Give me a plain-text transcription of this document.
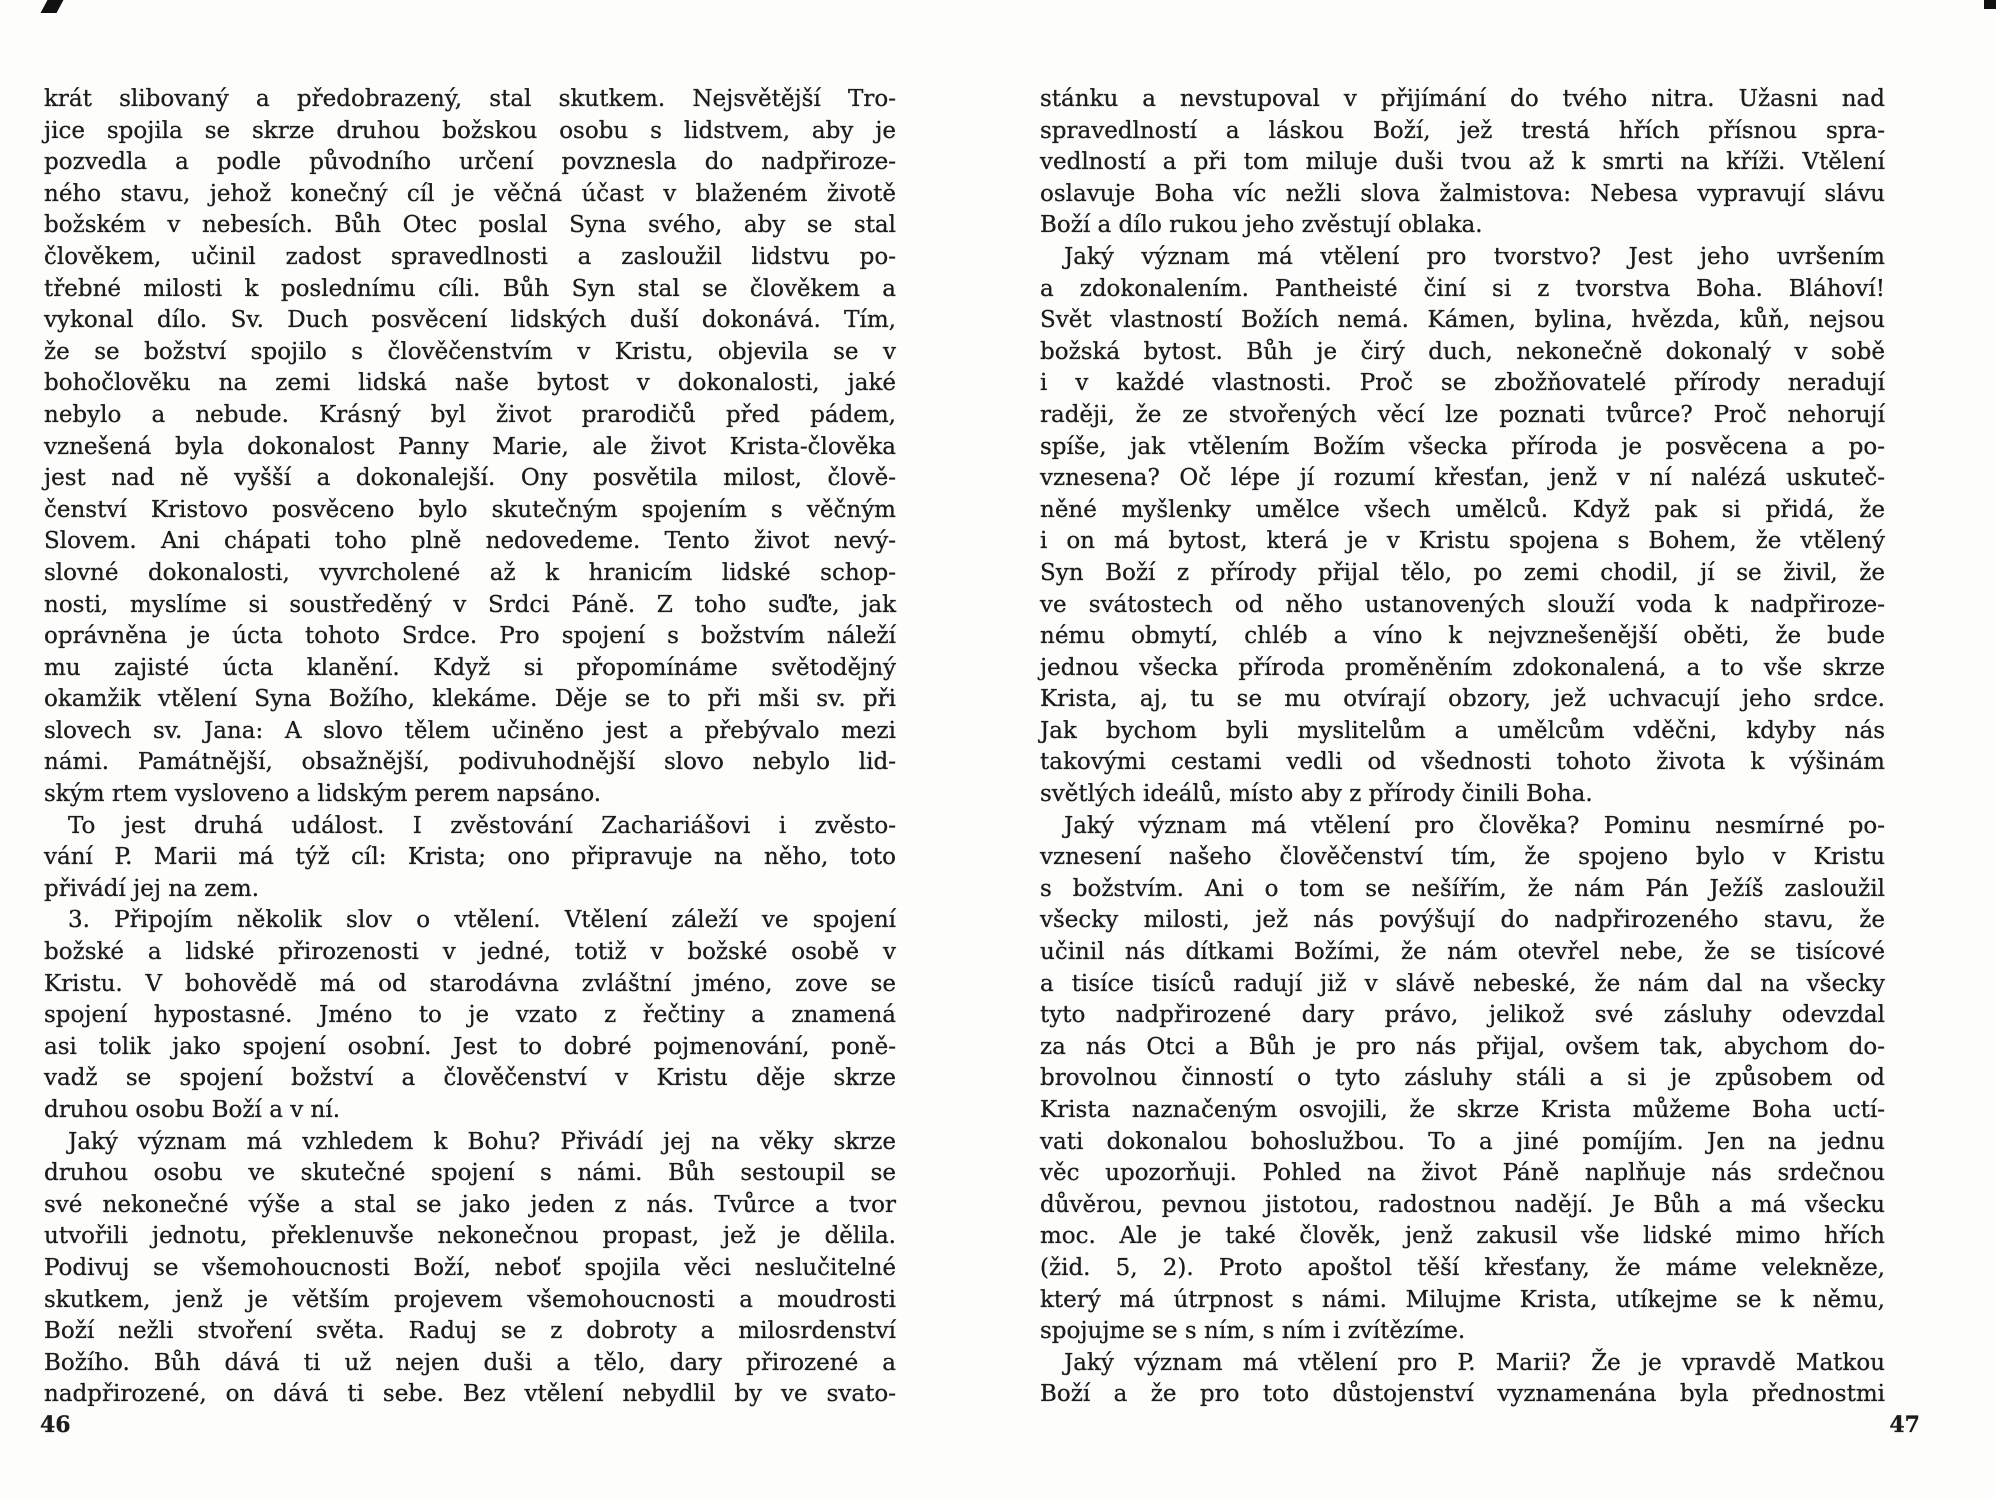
krát slibovaný a předobrazený, stal skutkem. Nejsvětější Tro-
jice spojila se skrze druhou božskou osobu s lidstvem, aby je
pozvedla a podle původního určení povznesla do nadpřiroze-
ného stavu, jehož konečný cíl je věčná účast v blaženém životě
božském v nebesích. Bůh Otec poslal Syna svého, aby se stal
člověkem, učinil zadost spravedlnosti a zasloužil lidstvu po-
třebné milosti k poslednímu cíli. Bůh Syn stal se člověkem a
vykonal dílo. Sv. Duch posvěcení lidských duší dokonává. Tím,
že se božství spojilo s člověčenstvím v Kristu, objevila se v
bohočlověku na zemi lidská naše bytost v dokonalosti, jaké
nebylo a nebude. Krásný byl život prarodičů před pádem,
vznešená byla dokonalost Panny Marie, ale život Krista-člověka
jest nad ně vyšší a dokonalejší. Ony posvětila milost, člově-
čenství Kristovo posvěceno bylo skutečným spojením s věčným
Slovem. Ani chápati toho plně nedovedeme. Tento život nevý-
slovné dokonalosti, vyvrcholené až k hranicím lidské schop-
nosti, myslíme si soustředěný v Srdci Páně. Z toho suďte, jak
oprávněna je úcta tohoto Srdce. Pro spojení s božstvím náleží
mu zajisté úcta klanění. Když si přopomínáme světodějný
okamžik vtělení Syna Božího, klekáme. Děje se to při mši sv. při
slovech sv. Jana: A slovo tělem učiněno jest a přebývalo mezi
námi. Památnější, obsažnější, podivuhodnější slovo nebylo lid-
ským rtem vysloveno a lidským perem napsáno.
To jest druhá událost. I zvěstování Zachariášovi i zvěsto-
vání P. Marii má týž cíl: Krista; ono připravuje na něho, toto
přivádí jej na zem.
3. Připojím několik slov o vtělení. Vtělení záleží ve spojení
božské a lidské přirozenosti v jedné, totiž v božské osobě v
Kristu. V bohovědě má od starodávna zvláštní jméno, zove se
spojení hypostasné. Jméno to je vzato z řečtiny a znamená
asi tolik jako spojení osobní. Jest to dobré pojmenování, poně-
vadž se spojení božství a člověčenství v Kristu děje skrze
druhou osobu Boží a v ní.
Jaký význam má vzhledem k Bohu? Přivádí jej na věky skrze
druhou osobu ve skutečné spojení s námi. Bůh sestoupil se
své nekonečné výše a stal se jako jeden z nás. Tvůrce a tvor
utvořili jednotu, překlenuvše nekonečnou propast, jež je dělila.
Podivuj se všemohoucnosti Boží, neboť spojila věci neslučitelné
skutkem, jenž je větším projevem všemohoucnosti a moudrosti
Boží nežli stvoření světa. Raduj se z dobroty a milosrdenství
Božího. Bůh dává ti už nejen duši a tělo, dary přirozené a
nadpřirozené, on dává ti sebe. Bez vtělení nebydlil by ve svato-
46
stánku a nevstupoval v přijímání do tvého nitra. Užasni nad
spravedlností a láskou Boží, jež trestá hřích přísnou spra-
vedlností a při tom miluje duši tvou až k smrti na kříži. Vtělení
oslavuje Boha víc nežli slova žalmistova: Nebesa vypravují slávu
Boží a dílo rukou jeho zvěstují oblaka.
Jaký význam má vtělení pro tvorstvo? Jest jeho uvršením
a zdokonalením. Pantheisté činí si z tvorstva Boha. Bláhoví!
Svět vlastností Božích nemá. Kámen, bylina, hvězda, kůň, nejsou
božská bytost. Bůh je čirý duch, nekonečně dokonalý v sobě
i v každé vlastnosti. Proč se zbožňovatelé přírody neradují
raději, že ze stvořených věcí lze poznati tvůrce? Proč nehorují
spíše, jak vtělením Božím všecka příroda je posvěcena a po-
vznesena? Oč lépe jí rozumí křesťan, jenž v ní nalézá uskuteč-
něné myšlenky umělce všech umělců. Když pak si přidá, že
i on má bytost, která je v Kristu spojena s Bohem, že vtělený
Syn Boží z přírody přijal tělo, po zemi chodil, jí se živil, že
ve svátostech od něho ustanovených slouží voda k nadpřiroze-
nému obmytí, chléb a víno k nejvznešenější oběti, že bude
jednou všecka příroda proměněním zdokonalená, a to vše skrze
Krista, aj, tu se mu otvírají obzory, jež uchvacují jeho srdce.
Jak bychom byli myslitelům a umělcům vděčni, kdyby nás
takovými cestami vedli od všednosti tohoto života k výšinám
světlých ideálů, místo aby z přírody činili Boha.
Jaký význam má vtělení pro člověka? Pominu nesmírné po-
vznesení našeho člověčenství tím, že spojeno bylo v Kristu
s božstvím. Ani o tom se nešířím, že nám Pán Ježíš zasloužil
všecky milosti, jež nás povýšují do nadpřirozeného stavu, že
učinil nás dítkami Božími, že nám otevřel nebe, že se tisícové
a tisíce tisíců radují již v slávě nebeské, že nám dal na všecky
tyto nadpřirozené dary právo, jelikož své zásluhy odevzdal
za nás Otci a Bůh je pro nás přijal, ovšem tak, abychom do-
brovolnou činností o tyto zásluhy stáli a si je způsobem od
Krista naznačeným osvojili, že skrze Krista můžeme Boha uctí-
vati dokonalou bohoslužbou. To a jiné pomíjím. Jen na jednu
věc upozorňuji. Pohled na život Páně naplňuje nás srdečnou
důvěrou, pevnou jistotou, radostnou nadějí. Je Bůh a má všecku
moc. Ale je také člověk, jenž zakusil vše lidské mimo hřích
(žid. 5, 2). Proto apoštol těší křesťany, že máme velekněze,
který má útrpnost s námi. Milujme Krista, utíkejme se k němu,
spojujme se s ním, s ním i zvítězíme.
Jaký význam má vtělení pro P. Marii? Že je vpravdě Matkou
Boží a že pro toto důstojenství vyznamenána byla přednostmi
47
